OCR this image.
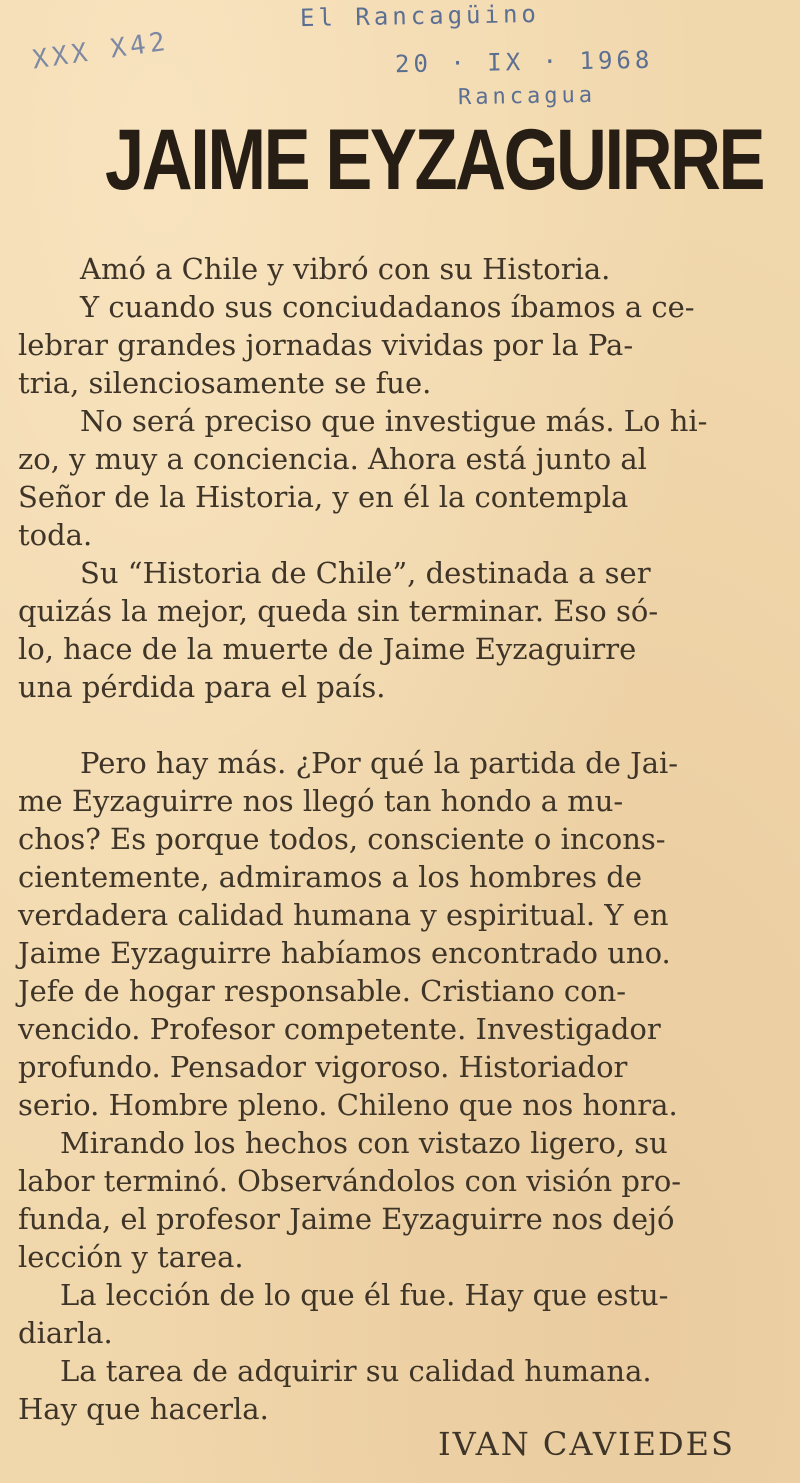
El Rancagüino
20 · IX · 1968
Rancagua
XXX X42
JAIME EYZAGUIRRE
Amó a Chile y vibró con su Historia.
Y cuando sus conciudadanos íbamos a ce-
lebrar grandes jornadas vividas por la Pa-
tria, silenciosamente se fue.
No será preciso que investigue más. Lo hi-
zo, y muy a conciencia. Ahora está junto al
Señor de la Historia, y en él la contempla
toda.
Su “Historia de Chile”, destinada a ser
quizás la mejor, queda sin terminar. Eso só-
lo, hace de la muerte de Jaime Eyzaguirre
una pérdida para el país.
Pero hay más. ¿Por qué la partida de Jai-
me Eyzaguirre nos llegó tan hondo a mu-
chos? Es porque todos, consciente o incons-
cientemente, admiramos a los hombres de
verdadera calidad humana y espiritual. Y en
Jaime Eyzaguirre habíamos encontrado uno.
Jefe de hogar responsable. Cristiano con-
vencido. Profesor competente. Investigador
profundo. Pensador vigoroso. Historiador
serio. Hombre pleno. Chileno que nos honra.
Mirando los hechos con vistazo ligero, su
labor terminó. Observándolos con visión pro-
funda, el profesor Jaime Eyzaguirre nos dejó
lección y tarea.
La lección de lo que él fue. Hay que estu-
diarla.
La tarea de adquirir su calidad humana.
Hay que hacerla.
IVAN CAVIEDES
